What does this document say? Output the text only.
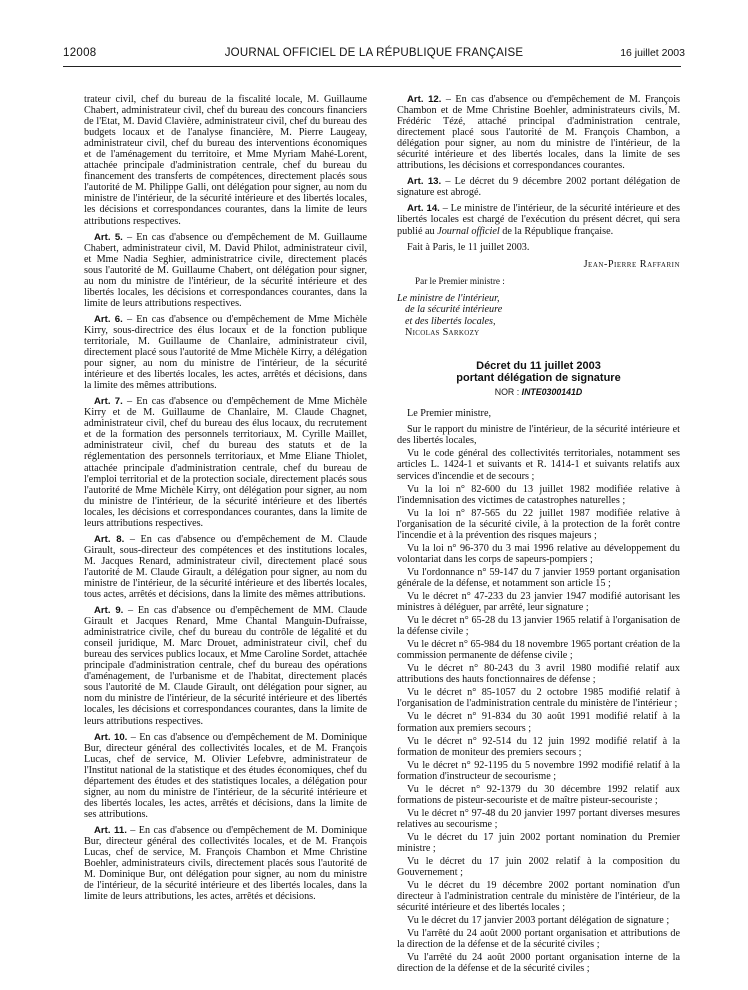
12008	JOURNAL OFFICIEL DE LA RÉPUBLIQUE FRANÇAISE	16 juillet 2003

trateur civil, chef du bureau de la fiscalité locale, M. Guillaume Chabert, administrateur civil, chef du bureau des concours financiers de l'Etat, M. David Clavière, administrateur civil, chef du bureau des budgets locaux et de l'analyse financière, M. Pierre Laugeay, administrateur civil, chef du bureau des interventions économiques et de l'aménagement du territoire, et Mme Myriam Mahé-Lorent, attachée principale d'administration centrale, chef du bureau du financement des transferts de compétences, directement placés sous l'autorité de M. Philippe Galli, ont délégation pour signer, au nom du ministre de l'intérieur, de la sécurité intérieure et des libertés locales, les décisions et correspondances courantes, dans la limite de leurs attributions respectives.

Art. 5. – En cas d'absence ou d'empêchement de M. Guillaume Chabert, administrateur civil, M. David Philot, administrateur civil, et Mme Nadia Seghier, administratrice civile, directement placés sous l'autorité de M. Guillaume Chabert, ont délégation pour signer, au nom du ministre de l'intérieur, de la sécurité intérieure et des libertés locales, les décisions et correspondances courantes, dans la limite de leurs attributions respectives.

Art. 6. – En cas d'absence ou d'empêchement de Mme Michèle Kirry, sous-directrice des élus locaux et de la fonction publique territoriale, M. Guillaume de Chanlaire, administrateur civil, directement placé sous l'autorité de Mme Michèle Kirry, a délégation pour signer, au nom du ministre de l'intérieur, de la sécurité intérieure et des libertés locales, les actes, arrêtés et décisions, dans la limite des mêmes attributions.

Art. 7. – En cas d'absence ou d'empêchement de Mme Michèle Kirry et de M. Guillaume de Chanlaire, M. Claude Chagnet, administrateur civil, chef du bureau des élus locaux, du recrutement et de la formation des personnels territoriaux, M. Cyrille Maillet, administrateur civil, chef du bureau des statuts et de la réglementation des personnels territoriaux, et Mme Eliane Thiolet, attachée principale d'administration centrale, chef du bureau de l'emploi territorial et de la protection sociale, directement placés sous l'autorité de Mme Michèle Kirry, ont délégation pour signer, au nom du ministre de l'intérieur, de la sécurité intérieure et des libertés locales, les décisions et correspondances courantes, dans la limite de leurs attributions respectives.

Art. 8. – En cas d'absence ou d'empêchement de M. Claude Girault, sous-directeur des compétences et des institutions locales, M. Jacques Renard, administrateur civil, directement placé sous l'autorité de M. Claude Girault, a délégation pour signer, au nom du ministre de l'intérieur, de la sécurité intérieure et des libertés locales, tous actes, arrêtés et décisions, dans la limite des mêmes attributions.

Art. 9. – En cas d'absence ou d'empêchement de MM. Claude Girault et Jacques Renard, Mme Chantal Manguin-Dufraisse, administratrice civile, chef du bureau du contrôle de légalité et du conseil juridique, M. Marc Drouet, administrateur civil, chef du bureau des services publics locaux, et Mme Caroline Sordet, attachée principale d'administration centrale, chef du bureau des opérations d'aménagement, de l'urbanisme et de l'habitat, directement placés sous l'autorité de M. Claude Girault, ont délégation pour signer, au nom du ministre de l'intérieur, de la sécurité intérieure et des libertés locales, les décisions et correspondances courantes, dans la limite de leurs attributions respectives.

Art. 10. – En cas d'absence ou d'empêchement de M. Dominique Bur, directeur général des collectivités locales, et de M. François Lucas, chef de service, M. Olivier Lefebvre, administrateur de l'Institut national de la statistique et des études économiques, chef du département des études et des statistiques locales, a délégation pour signer, au nom du ministre de l'intérieur, de la sécurité intérieure et des libertés locales, les actes, arrêtés et décisions, dans la limite de ses attributions.

Art. 11. – En cas d'absence ou d'empêchement de M. Dominique Bur, directeur général des collectivités locales, et de M. François Lucas, chef de service, M. François Chambon et Mme Christine Boehler, administrateurs civils, directement placés sous l'autorité de M. Dominique Bur, ont délégation pour signer, au nom du ministre de l'intérieur, de la sécurité intérieure et des libertés locales, dans la limite de leurs attributions, les actes, arrêtés et décisions.

Art. 12. – En cas d'absence ou d'empêchement de M. François Chambon et de Mme Christine Boehler, administrateurs civils, M. Frédéric Tézé, attaché principal d'administration centrale, directement placé sous l'autorité de M. François Chambon, a délégation pour signer, au nom du ministre de l'intérieur, de la sécurité intérieure et des libertés locales, dans la limite de ses attributions, les décisions et correspondances courantes.

Art. 13. – Le décret du 9 décembre 2002 portant délégation de signature est abrogé.

Art. 14. – Le ministre de l'intérieur, de la sécurité intérieure et des libertés locales est chargé de l'exécution du présent décret, qui sera publié au Journal officiel de la République française.

Fait à Paris, le 11 juillet 2003.
Jean-Pierre Raffarin
Par le Premier ministre :
Le ministre de l'intérieur,
de la sécurité intérieure
et des libertés locales,
Nicolas Sarkozy
Décret du 11 juillet 2003
portant délégation de signature
NOR : INTE0300141D

Le Premier ministre,

Sur le rapport du ministre de l'intérieur, de la sécurité intérieure et des libertés locales,

Vu le code général des collectivités territoriales, notamment ses articles L. 1424-1 et suivants et R. 1414-1 et suivants relatifs aux services d'incendie et de secours ;

Vu la loi n° 82-600 du 13 juillet 1982 modifiée relative à l'indemnisation des victimes de catastrophes naturelles ;

Vu la loi n° 87-565 du 22 juillet 1987 modifiée relative à l'organisation de la sécurité civile, à la protection de la forêt contre l'incendie et à la prévention des risques majeurs ;

Vu la loi n° 96-370 du 3 mai 1996 relative au développement du volontariat dans les corps de sapeurs-pompiers ;

Vu l'ordonnance n° 59-147 du 7 janvier 1959 portant organisation générale de la défense, et notamment son article 15 ;

Vu le décret n° 47-233 du 23 janvier 1947 modifié autorisant les ministres à déléguer, par arrêté, leur signature ;

Vu le décret n° 65-28 du 13 janvier 1965 relatif à l'organisation de la défense civile ;

Vu le décret n° 65-984 du 18 novembre 1965 portant création de la commission permanente de défense civile ;

Vu le décret n° 80-243 du 3 avril 1980 modifié relatif aux attributions des hauts fonctionnaires de défense ;

Vu le décret n° 85-1057 du 2 octobre 1985 modifié relatif à l'organisation de l'administration centrale du ministère de l'intérieur ;

Vu le décret n° 91-834 du 30 août 1991 modifié relatif à la formation aux premiers secours ;

Vu le décret n° 92-514 du 12 juin 1992 modifié relatif à la formation de moniteur des premiers secours ;

Vu le décret n° 92-1195 du 5 novembre 1992 modifié relatif à la formation d'instructeur de secourisme ;

Vu le décret n° 92-1379 du 30 décembre 1992 relatif aux formations de pisteur-secouriste et de maître pisteur-secouriste ;

Vu le décret n° 97-48 du 20 janvier 1997 portant diverses mesures relatives au secourisme ;

Vu le décret du 17 juin 2002 portant nomination du Premier ministre ;

Vu le décret du 17 juin 2002 relatif à la composition du Gouvernement ;

Vu le décret du 19 décembre 2002 portant nomination d'un directeur à l'administration centrale du ministère de l'intérieur, de la sécurité intérieure et des libertés locales ;

Vu le décret du 17 janvier 2003 portant délégation de signature ;

Vu l'arrêté du 24 août 2000 portant organisation et attributions de la direction de la défense et de la sécurité civiles ;

Vu l'arrêté du 24 août 2000 portant organisation interne de la direction de la défense et de la sécurité civiles ;
